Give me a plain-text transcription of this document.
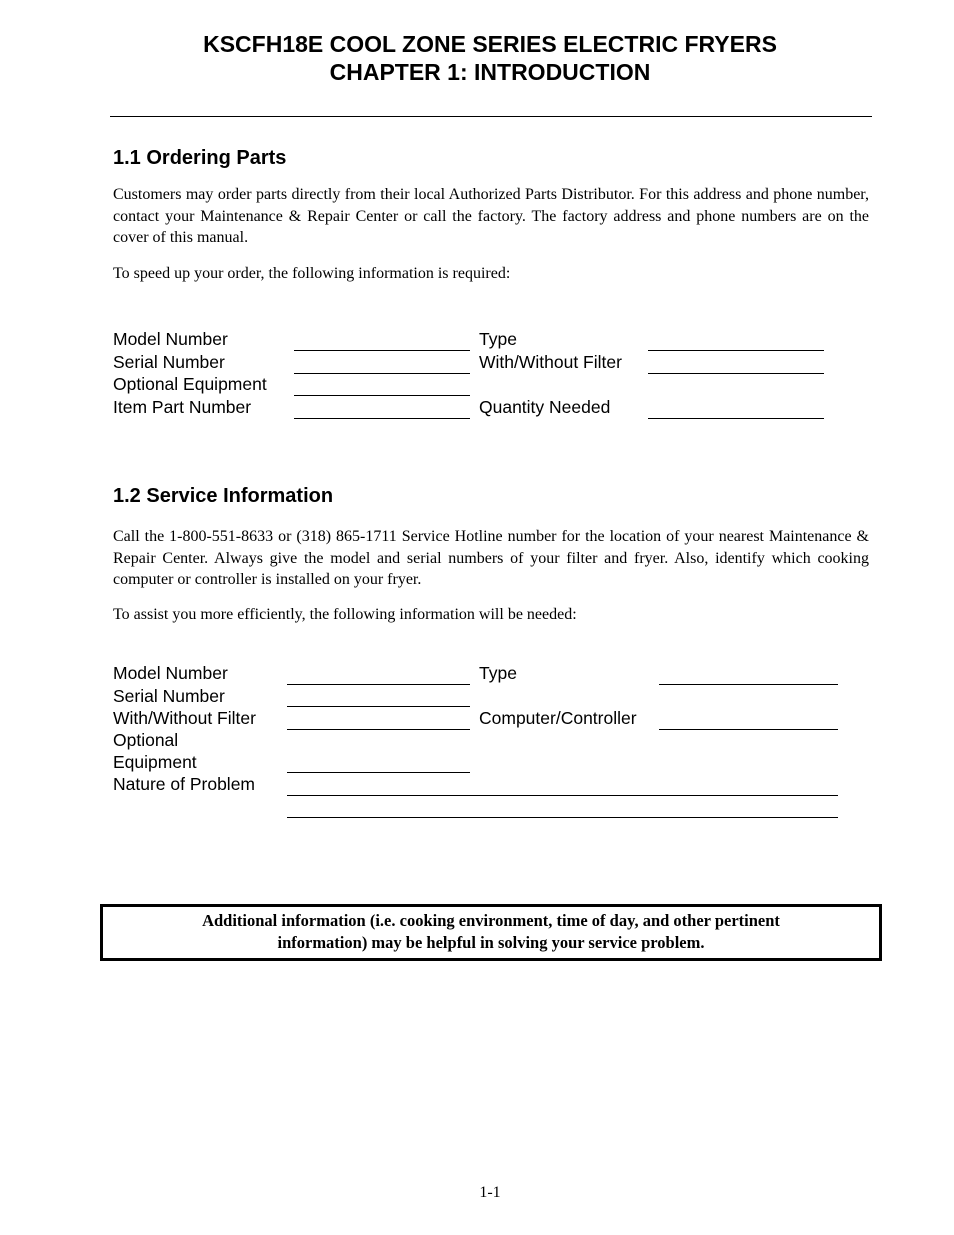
KSCFH18E COOL ZONE SERIES ELECTRIC FRYERS
CHAPTER 1: INTRODUCTION
1.1 Ordering Parts
Customers may order parts directly from their local Authorized Parts Distributor. For this address and phone number, contact your Maintenance & Repair Center or call the factory. The factory address and phone numbers are on the cover of this manual.
To speed up your order, the following information is required:
Model Number
Serial Number
Optional Equipment
Item Part Number
Type
With/Without Filter
Quantity Needed
1.2 Service Information
Call the 1-800-551-8633 or (318) 865-1711 Service Hotline number for the location of your nearest Maintenance & Repair Center. Always give the model and serial numbers of your filter and fryer. Also, identify which cooking computer or controller is installed on your fryer.
To assist you more efficiently, the following information will be needed:
Model Number
Serial Number
With/Without Filter
Optional
Equipment
Nature of Problem
Type
Computer/Controller
Additional information (i.e. cooking environment, time of day, and other pertinent
information) may be helpful in solving your service problem.
1-1
